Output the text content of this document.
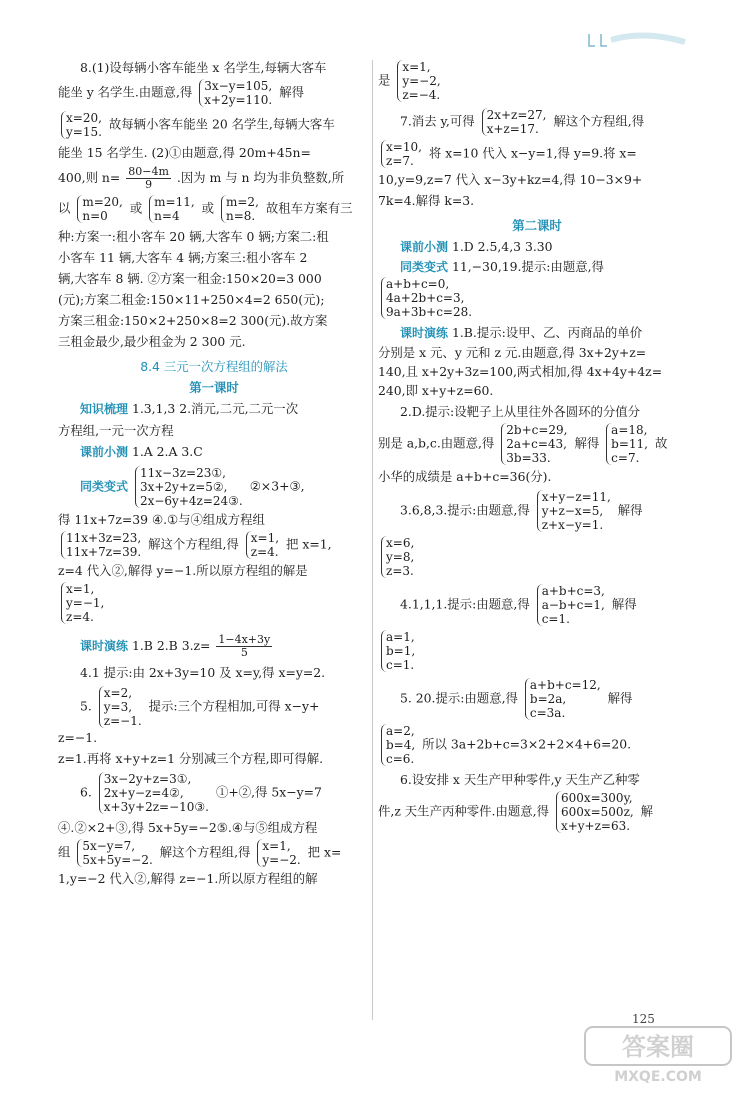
8.(1)设每辆小客车能坐 x 名学生,每辆大客车
能坐 y 名学生.由题意,得 3x−y=105,
x+2y=110.
解得
x=20,
y=15.
故每辆小客车能坐 20 名学生,每辆大客车
能坐 15 名学生. (2)①由题意,得 20m+45n=
400,则 $n= \frac{80-4m}{9}$ .因为 m 与 n 均为非负整数,所
以 m=20,
n=0
或 m=11,
n=4
或 m=2,
n=8.
故租车方案有三
种:方案一:租小客车 20 辆,大客车 0 辆;方案二:租
小客车 11 辆,大客车 4 辆;方案三:租小客车 2
辆,大客车 8 辆. ②方案一租金:150×20=3 000
(元);方案二租金:150×11+250×4=2 650(元);
方案三租金:150×2+250×8=2 300(元).故方案
三租金最少,最少租金为 2 300 元.
8.4 三元一次方程组的解法
第一课时
知识梳理 1.3,1,3 2.消元,二元,二元一次
方程组,一元一次方程
课前小测 1.A 2.A 3.C
同类变式
11x−3z=23①,
3x+2y+z=5②,
2x−6y+4z=24③.
②×3+③,
得 11x+7z=39 ④.①与④组成方程组
11x+3z=23,
11x+7z=39.
解这个方程组,得 x=1,
z=4.
把 x=1,
z=4 代入②,解得 y=−1.所以原方程组的解是
x=1,
y=−1,
z=4.
课时演练 1.B 2.B $3.z= \frac{1-4x+3y}{5}$
4.1 提示:由 2x+3y=10 及 x=y,得 x=y=2.
5.
x=2,
y=3,
z=−1.
提示:三个方程相加,可得 x−y+
z=−1.
z=1.再将 x+y+z=1 分别减三个方程,即可得解.
6.
3x−2y+z=3①,
2x+y−z=4②,
x+3y+2z=−10③.
①+②,得 5x−y=7
④.②×2+③,得 5x+5y=−2⑤.④与⑤组成方程
组 5x−y=7,
5x+5y=−2.
解这个方程组,得 x=1,
y=−2.
把 x=
1,y=−2 代入②,解得 z=−1.所以原方程组的解
是
x=1,
y=−2,
z=−4.
7.消去 y,可得 2x+z=27,
x+z=17.
解这个方程组,得
x=10,
z=7.
将 x=10 代入 x−y=1,得 y=9.将 x=
10,y=9,z=7 代入 x−3y+kz=4,得 10−3×9+
7k=4.解得 k=3.
第二课时
课前小测 1.D 2.5,4,3 3.30
同类变式 11,−30,19.提示:由题意,得
a+b+c=0,
4a+2b+c=3,
9a+3b+c=28.
课时演练 1.B.提示:设甲、乙、丙商品的单价
分别是 x 元、y 元和 z 元.由题意,得 3x+2y+z=
140,且 x+2y+3z=100,两式相加,得 4x+4y+4z=
240,即 x+y+z=60.
2.D.提示:设靶子上从里往外各圆环的分值分
别是 a,b,c.由题意,得
2b+c=29,
2a+c=43,
3b=33.
解得
a=18,
b=11,
c=7.
故
小华的成绩是 a+b+c=36(分).
3.6,8,3.提示:由题意,得
x+y−z=11,
y+z−x=5,
z+x−y=1.
解得
x=6,
y=8,
z=3.
4.1,1,1.提示:由题意,得
a+b+c=3,
a−b+c=1,
c=1.
解得
a=1,
b=1,
c=1.
5. 20.提示:由题意,得
a+b+c=12,
b=2a,
c=3a.
解得
a=2,
b=4,
c=6.
所以 3a+2b+c=3×2+2×4+6=20.
6.设安排 x 天生产甲种零件,y 天生产乙种零
件,z 天生产丙种零件.由题意,得
600x=300y,
600x=500z,
x+y+z=63.
解
125
答案圈
MXQE.COM
